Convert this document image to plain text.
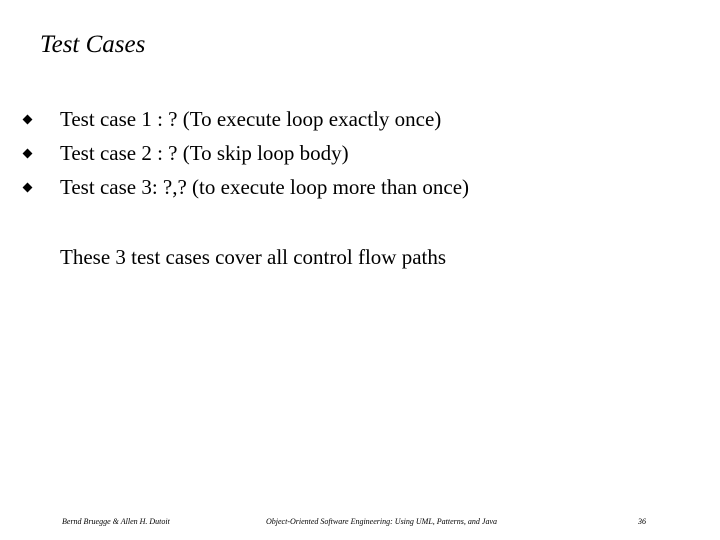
Test Cases
Test case 1 : ? (To execute loop exactly once)
Test case 2 : ? (To skip loop body)
Test case 3: ?,? (to execute loop more than once)
These 3 test cases cover all control flow paths
Bernd Bruegge & Allen H. Dutoit	Object-Oriented Software Engineering: Using UML, Patterns, and Java	36
